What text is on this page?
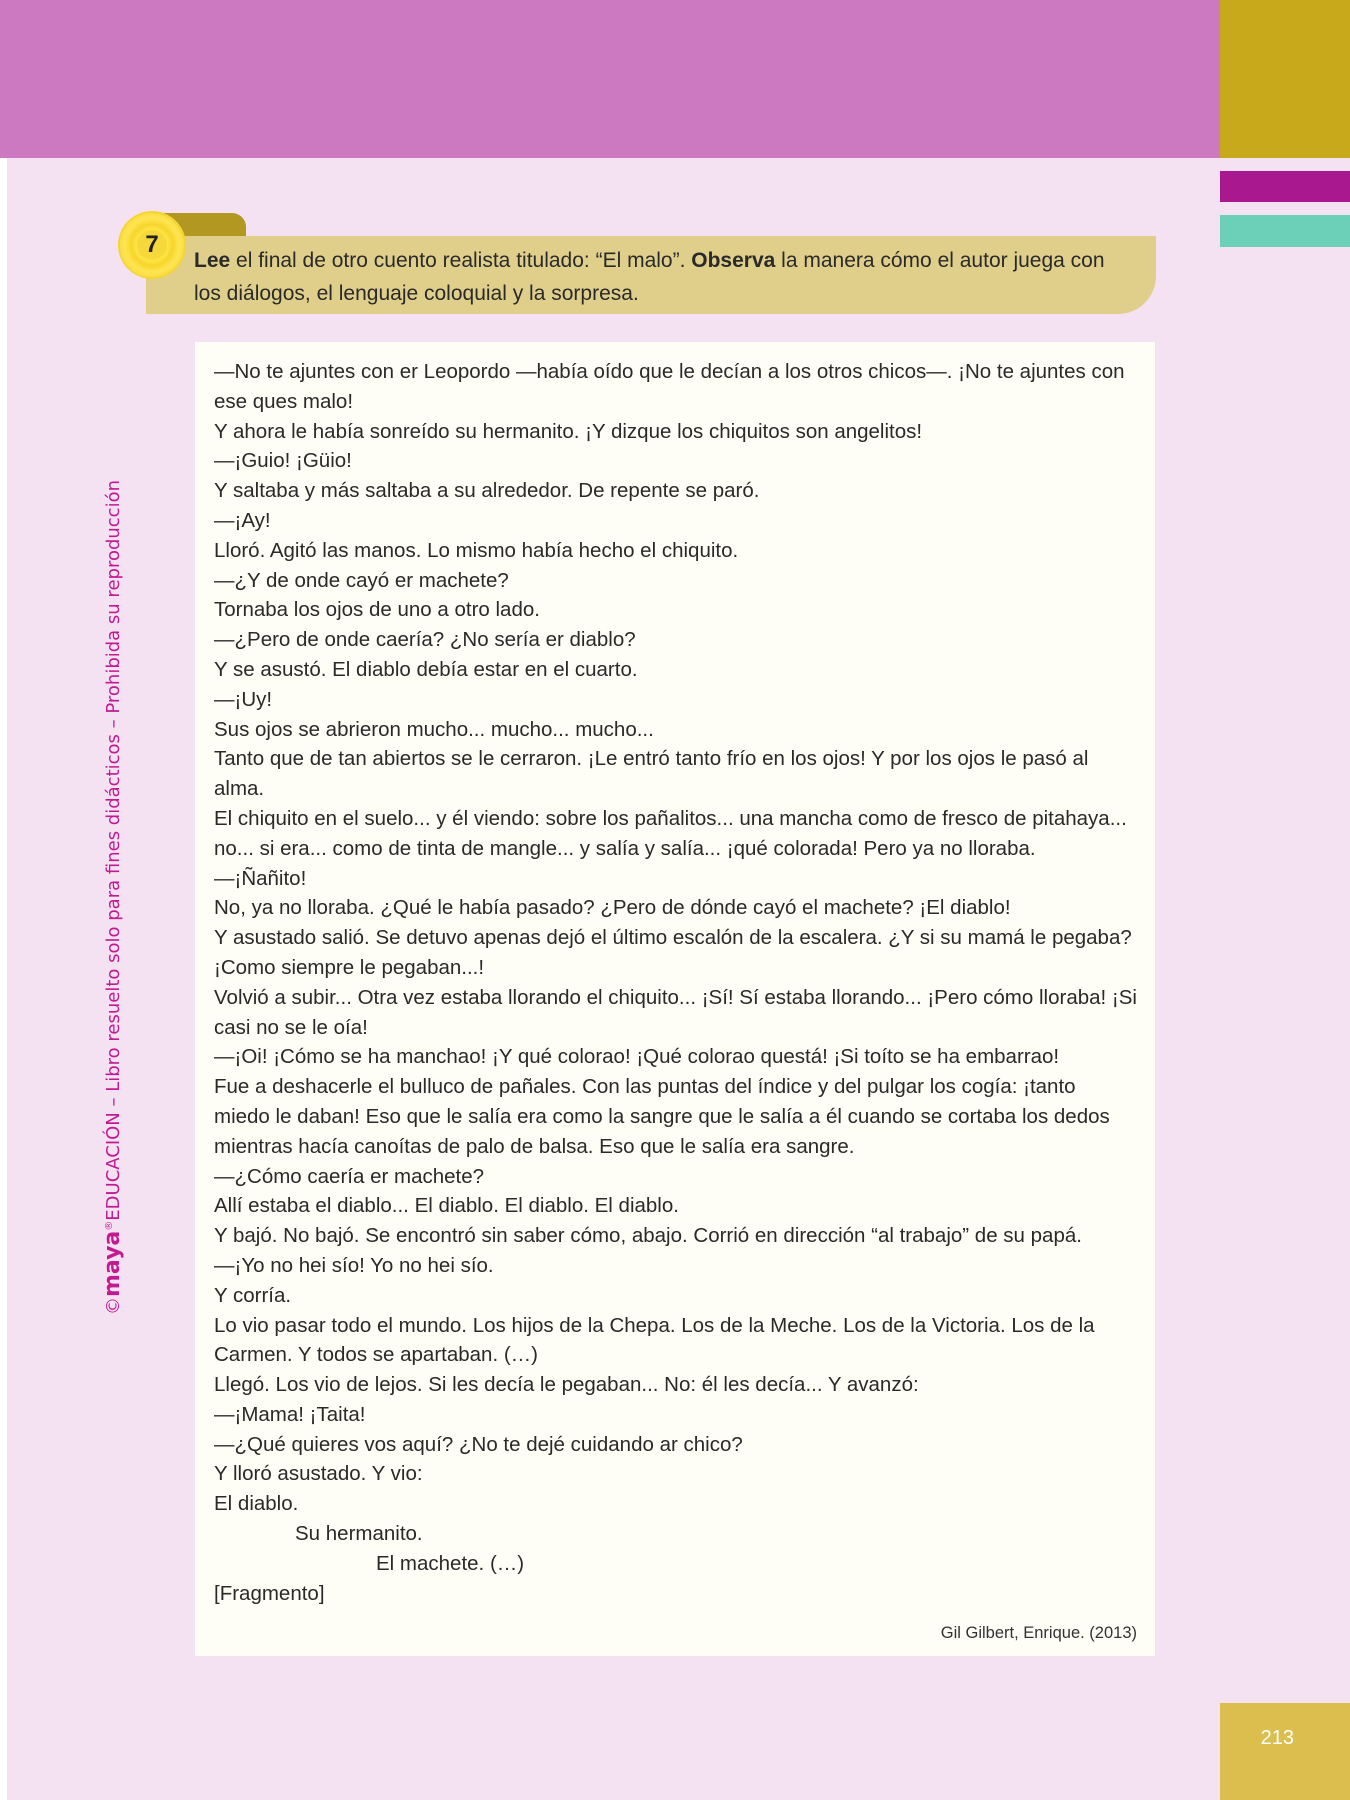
©maya®EDUCACIÓN – Libro resuelto solo para fines didácticos – Prohibida su reproducción
Lee el final de otro cuento realista titulado: “El malo”. Observa la manera cómo el autor juega con los diálogos, el lenguaje coloquial y la sorpresa.
7

—No te ajuntes con er Leopordo —había oído que le decían a los otros chicos—. ¡No te ajuntes con ese ques malo!

Y ahora le había sonreído su hermanito. ¡Y dizque los chiquitos son angelitos!

—¡Guio! ¡Güio!

Y saltaba y más saltaba a su alrededor. De repente se paró.

—¡Ay!

Lloró. Agitó las manos. Lo mismo había hecho el chiquito.

—¿Y de onde cayó er machete?

Tornaba los ojos de uno a otro lado.

—¿Pero de onde caería? ¿No sería er diablo?

Y se asustó. El diablo debía estar en el cuarto.

—¡Uy!

Sus ojos se abrieron mucho... mucho... mucho...

Tanto que de tan abiertos se le cerraron. ¡Le entró tanto frío en los ojos! Y por los ojos le pasó al alma.

El chiquito en el suelo... y él viendo: sobre los pañalitos... una mancha como de fresco de pitahaya... no... si era... como de tinta de mangle... y salía y salía... ¡qué colorada! Pero ya no lloraba.

—¡Ñañito!

No, ya no lloraba. ¿Qué le había pasado? ¿Pero de dónde cayó el machete? ¡El diablo!

Y asustado salió. Se detuvo apenas dejó el último escalón de la escalera. ¿Y si su mamá le pegaba? ¡Como siempre le pegaban...!

Volvió a subir... Otra vez estaba llorando el chiquito... ¡Sí! Sí estaba llorando... ¡Pero cómo lloraba! ¡Si casi no se le oía!

—¡Oi! ¡Cómo se ha manchao! ¡Y qué colorao! ¡Qué colorao questá! ¡Si toíto se ha embarrao!

Fue a deshacerle el bulluco de pañales. Con las puntas del índice y del pulgar los cogía: ¡tanto miedo le daban! Eso que le salía era como la sangre que le salía a él cuando se cortaba los dedos mientras hacía canoítas de palo de balsa. Eso que le salía era sangre.

—¿Cómo caería er machete?

Allí estaba el diablo... El diablo. El diablo. El diablo.

Y bajó. No bajó. Se encontró sin saber cómo, abajo. Corrió en dirección “al trabajo” de su papá.

—¡Yo no hei sío! Yo no hei sío.

Y corría.

Lo vio pasar todo el mundo. Los hijos de la Chepa. Los de la Meche. Los de la Victoria. Los de la Carmen. Y todos se apartaban. (…)

Llegó. Los vio de lejos. Si les decía le pegaban... No: él les decía... Y avanzó:

—¡Mama! ¡Taita!

—¿Qué quieres vos aquí? ¿No te dejé cuidando ar chico?

Y lloró asustado. Y vio:

El diablo.

Su hermanito.

El machete. (…)

[Fragmento]

Gil Gilbert, Enrique. (2013)
213
